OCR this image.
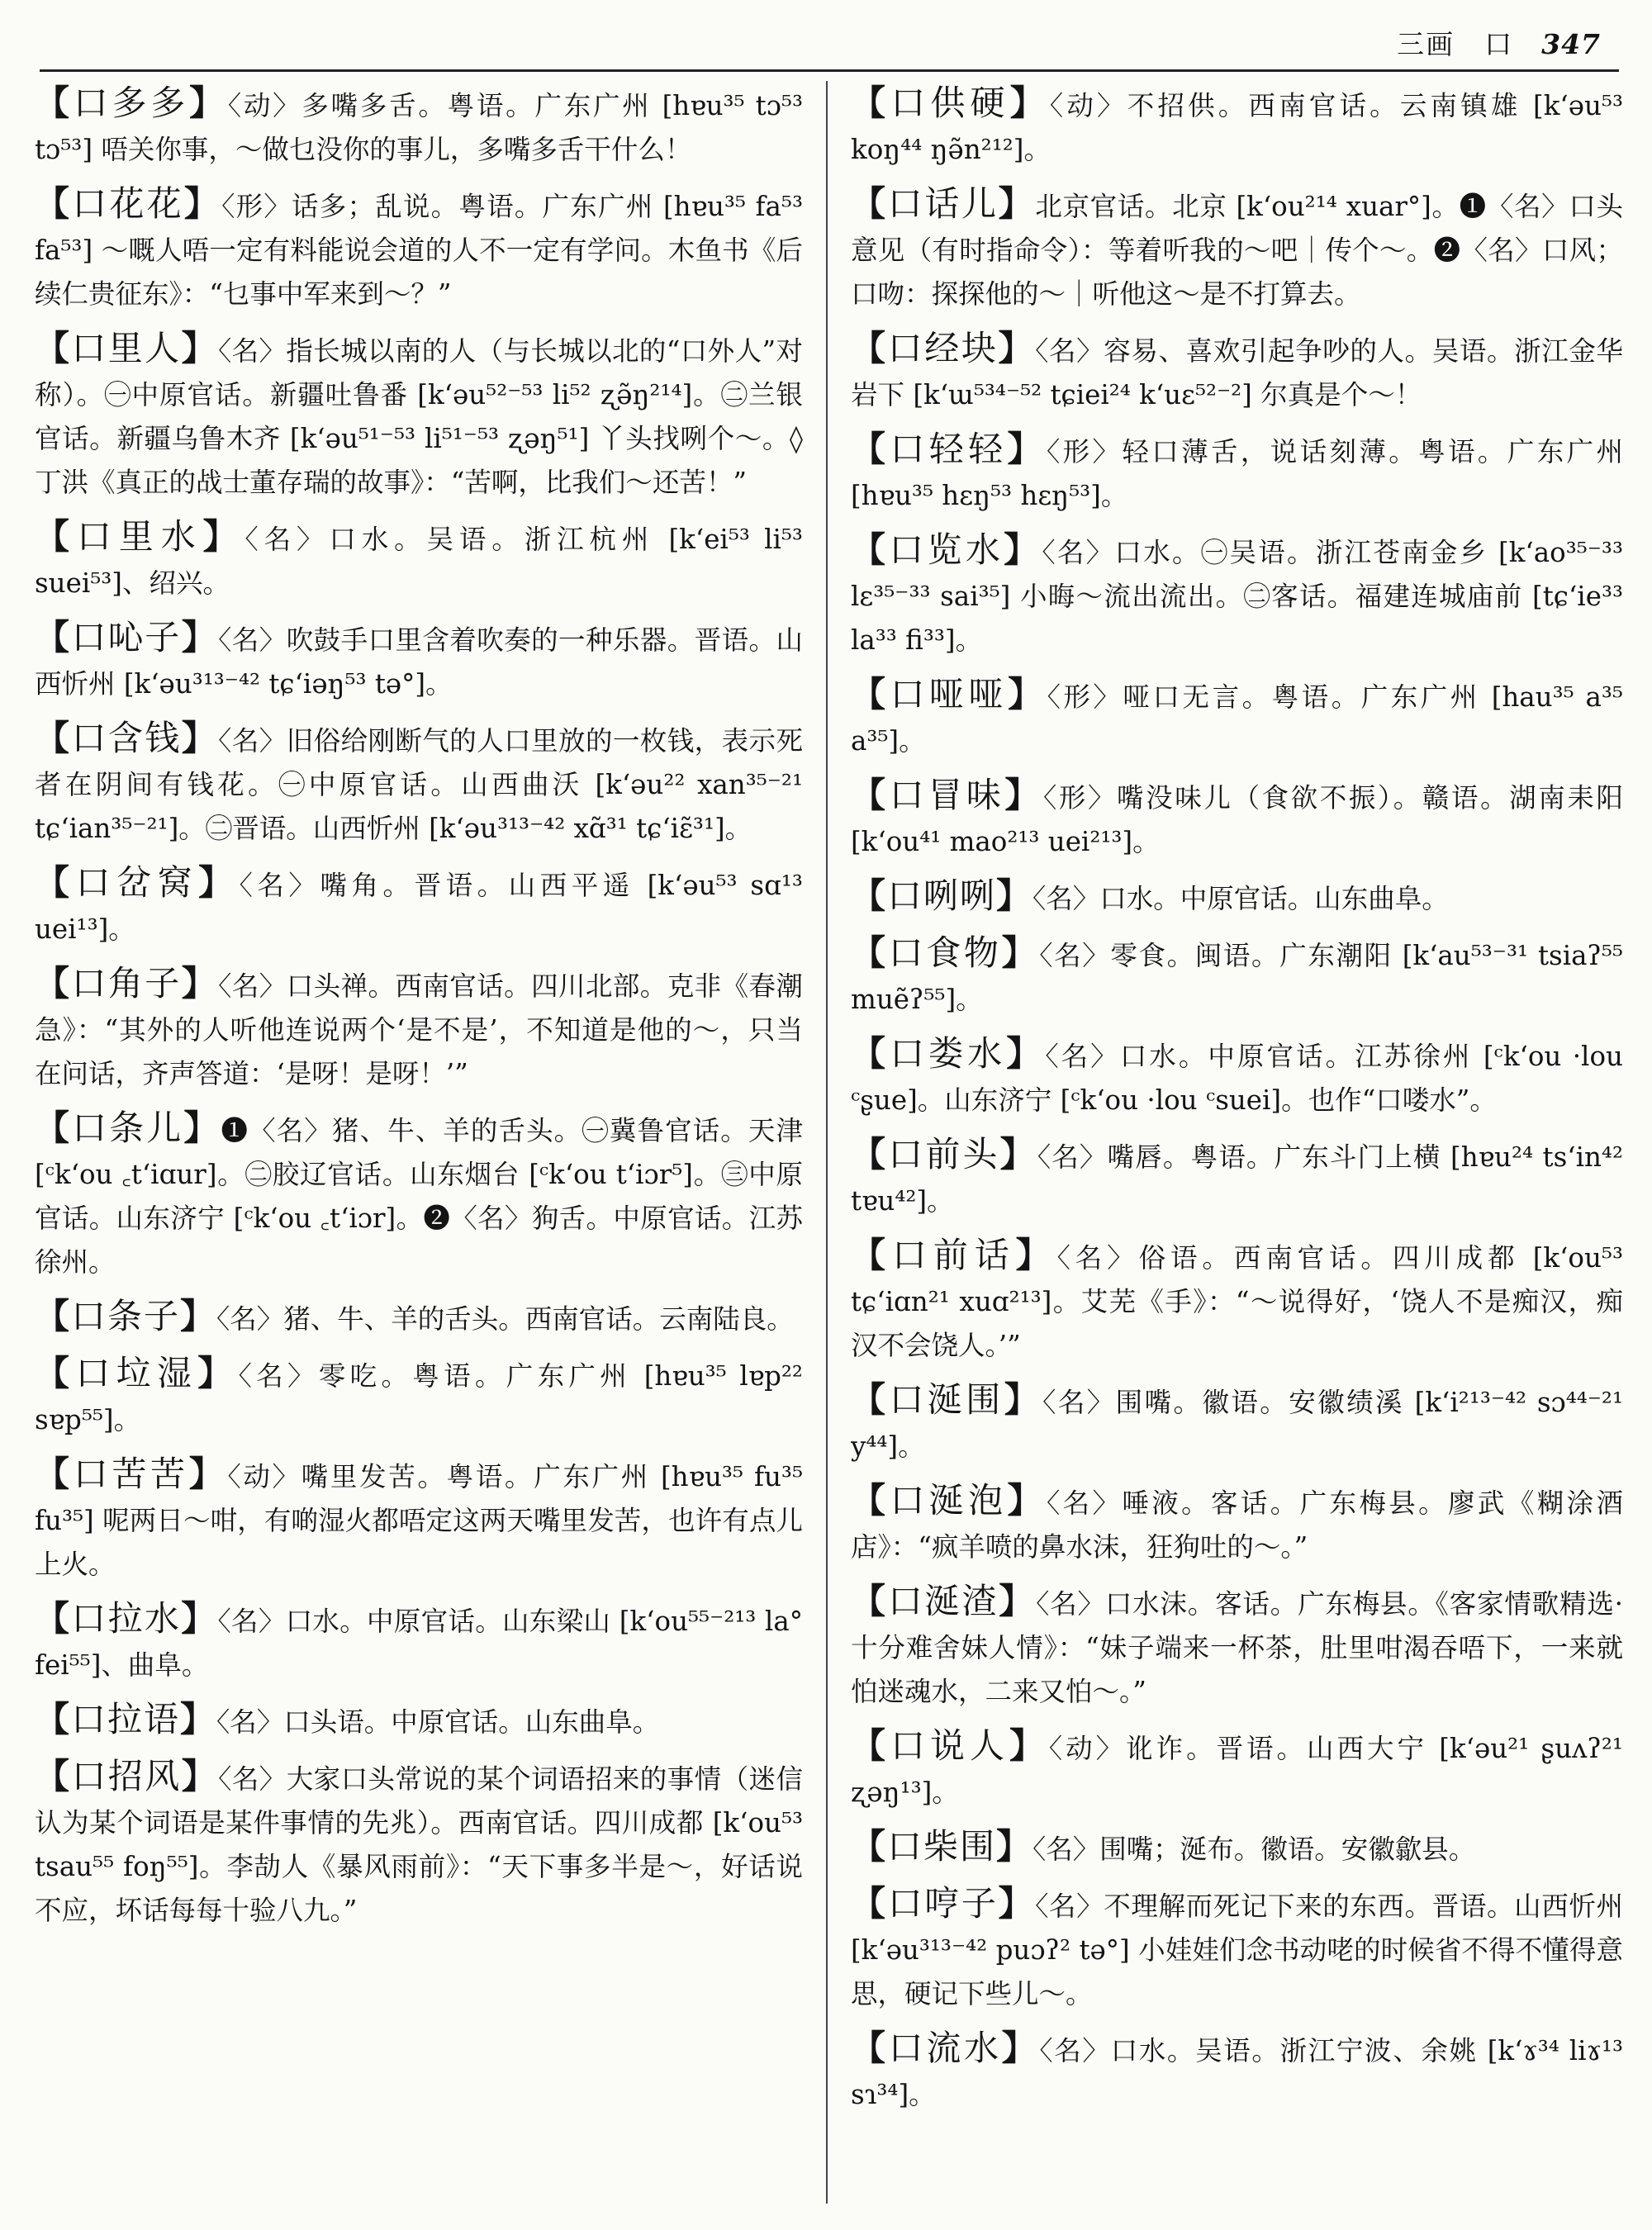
三画 口 347

【口多多】〈动〉多嘴多舌。粤语。广东广州 [hɐu³⁵ tɔ⁵³ tɔ⁵³] 唔关你事，～做乜没你的事儿，多嘴多舌干什么！

【口花花】〈形〉话多；乱说。粤语。广东广州 [hɐu³⁵ fa⁵³ fa⁵³] ～嘅人唔一定有料能说会道的人不一定有学问。木鱼书《后续仁贵征东》：“乜事中军来到～？”

【口里人】〈名〉指长城以南的人（与长城以北的“口外人”对称）。㊀中原官话。新疆吐鲁番 [k‘əu⁵²⁻⁵³ li⁵² ʐə̃ŋ²¹⁴]。㊁兰银官话。新疆乌鲁木齐 [k‘əu⁵¹⁻⁵³ li⁵¹⁻⁵³ ʐəŋ⁵¹] 丫头找咧个～。◊丁洪《真正的战士董存瑞的故事》：“苦啊，比我们～还苦！”

【口里水】〈名〉口水。吴语。浙江杭州 [k‘ei⁵³ li⁵³ suei⁵³]、绍兴。

【口吣子】〈名〉吹鼓手口里含着吹奏的一种乐器。晋语。山西忻州 [k‘əu³¹³⁻⁴² tɕ‘iəŋ⁵³ tə°]。

【口含钱】〈名〉旧俗给刚断气的人口里放的一枚钱，表示死者在阴间有钱花。㊀中原官话。山西曲沃 [k‘əu²² xan³⁵⁻²¹ tɕ‘ian³⁵⁻²¹]。㊁晋语。山西忻州 [k‘əu³¹³⁻⁴² xɑ̃³¹ tɕ‘iɛ̃³¹]。

【口岔窝】〈名〉嘴角。晋语。山西平遥 [k‘əu⁵³ sɑ¹³ uei¹³]。

【口角子】〈名〉口头禅。西南官话。四川北部。克非《春潮急》：“其外的人听他连说两个‘是不是’，不知道是他的～，只当在问话，齐声答道：‘是呀！是呀！’”

【口条儿】❶〈名〉猪、牛、羊的舌头。㊀冀鲁官话。天津 [ᶜk‘ou ꜀t‘iɑur]。㊁胶辽官话。山东烟台 [ᶜk‘ou t‘iɔr⁵]。㊂中原官话。山东济宁 [ᶜk‘ou ꜀t‘iɔr]。❷〈名〉狗舌。中原官话。江苏徐州。

【口条子】〈名〉猪、牛、羊的舌头。西南官话。云南陆良。

【口垃湿】〈名〉零吃。粤语。广东广州 [hɐu³⁵ lɐp²² sɐp⁵⁵]。

【口苦苦】〈动〉嘴里发苦。粤语。广东广州 [hɐu³⁵ fu³⁵ fu³⁵] 呢两日～咁，有啲湿火都唔定这两天嘴里发苦，也许有点儿上火。

【口拉水】〈名〉口水。中原官话。山东梁山 [k‘ou⁵⁵⁻²¹³ la° fei⁵⁵]、曲阜。

【口拉语】〈名〉口头语。中原官话。山东曲阜。

【口招风】〈名〉大家口头常说的某个词语招来的事情（迷信认为某个词语是某件事情的先兆）。西南官话。四川成都 [k‘ou⁵³ tsau⁵⁵ foŋ⁵⁵]。李劼人《暴风雨前》：“天下事多半是～，好话说不应，坏话每每十验八九。”

【口供硬】〈动〉不招供。西南官话。云南镇雄 [k‘əu⁵³ koŋ⁴⁴ ŋə̃n²¹²]。

【口话儿】北京官话。北京 [k‘ou²¹⁴ xuar°]。❶〈名〉口头意见（有时指命令）：等着听我的～吧｜传个～。❷〈名〉口风；口吻：探探他的～｜听他这～是不打算去。

【口经块】〈名〉容易、喜欢引起争吵的人。吴语。浙江金华岩下 [k‘ɯ⁵³⁴⁻⁵² tɕiei²⁴ k‘uɛ⁵²⁻²] 尔真是个～！

【口轻轻】〈形〉轻口薄舌，说话刻薄。粤语。广东广州 [hɐu³⁵ hɛŋ⁵³ hɛŋ⁵³]。

【口览水】〈名〉口水。㊀吴语。浙江苍南金乡 [k‘ao³⁵⁻³³ lɛ³⁵⁻³³ sai³⁵] 小晦～流出流出。㊁客话。福建连城庙前 [tɕ‘ie³³ la³³ fi³³]。

【口哑哑】〈形〉哑口无言。粤语。广东广州 [hau³⁵ a³⁵ a³⁵]。

【口冒味】〈形〉嘴没味儿（食欲不振）。赣语。湖南耒阳 [k‘ou⁴¹ mao²¹³ uei²¹³]。

【口咧咧】〈名〉口水。中原官话。山东曲阜。

【口食物】〈名〉零食。闽语。广东潮阳 [k‘au⁵³⁻³¹ tsiaʔ⁵⁵ muẽʔ⁵⁵]。

【口娄水】〈名〉口水。中原官话。江苏徐州 [ᶜk‘ou ·lou ᶜʂue]。山东济宁 [ᶜk‘ou ·lou ᶜsuei]。也作“口喽水”。

【口前头】〈名〉嘴唇。粤语。广东斗门上横 [hɐu²⁴ ts‘in⁴² tɐu⁴²]。

【口前话】〈名〉俗语。西南官话。四川成都 [k‘ou⁵³ tɕ‘iɑn²¹ xuɑ²¹³]。艾芜《手》：“～说得好，‘饶人不是痴汉，痴汉不会饶人。’”

【口涎围】〈名〉围嘴。徽语。安徽绩溪 [k‘i²¹³⁻⁴² sɔ⁴⁴⁻²¹ y⁴⁴]。

【口涎泡】〈名〉唾液。客话。广东梅县。廖武《糊涂酒店》：“疯羊喷的鼻水沫，狂狗吐的～。”

【口涎渣】〈名〉口水沫。客话。广东梅县。《客家情歌精选·十分难舍妹人情》：“妹子端来一杯茶，肚里咁渴吞唔下，一来就怕迷魂水，二来又怕～。”

【口说人】〈动〉讹诈。晋语。山西大宁 [k‘əu²¹ ʂuʌʔ²¹ ʐəŋ¹³]。

【口柴围】〈名〉围嘴；涎布。徽语。安徽歙县。

【口哼子】〈名〉不理解而死记下来的东西。晋语。山西忻州 [k‘əu³¹³⁻⁴² puɔʔ² tə°] 小娃娃们念书动咾的时候省不得不懂得意思，硬记下些儿～。

【口流水】〈名〉口水。吴语。浙江宁波、余姚 [k‘ɤ³⁴ liɤ¹³ sɿ³⁴]。
